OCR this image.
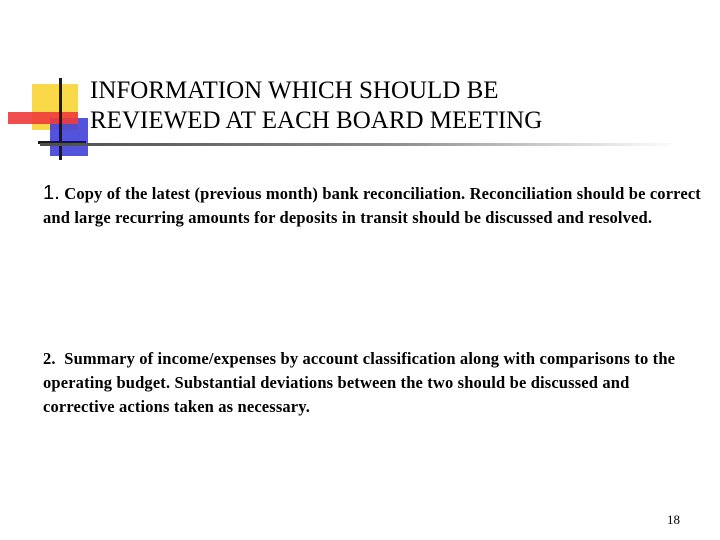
INFORMATION WHICH SHOULD BE
REVIEWED AT EACH BOARD MEETING

1. Copy of the latest (previous month) bank reconciliation. Reconciliation should be correct and large recurring amounts for deposits in transit should be discussed and resolved.

2. Summary of income/expenses by account classification along with comparisons to the operating budget. Substantial deviations between the two should be discussed and corrective actions taken as necessary.

18
